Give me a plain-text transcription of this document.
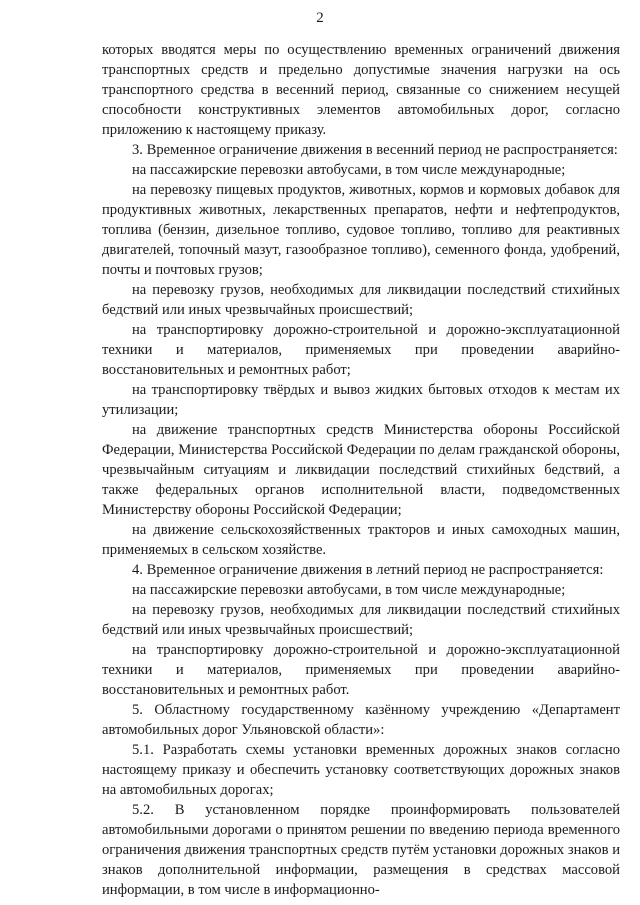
2

которых вводятся меры по осуществлению временных ограничений движения транспортных средств и предельно допустимые значения нагрузки на ось транспортного средства в весенний период, связанные со снижением несущей способности конструктивных элементов автомобильных дорог, согласно приложению к настоящему приказу.

3. Временное ограничение движения в весенний период не распространяется:

на пассажирские перевозки автобусами, в том числе международные;

на перевозку пищевых продуктов, животных, кормов и кормовых добавок для продуктивных животных, лекарственных препаратов, нефти и нефтепродуктов, топлива (бензин, дизельное топливо, судовое топливо, топливо для реактивных двигателей, топочный мазут, газообразное топливо), семенного фонда, удобрений, почты и почтовых грузов;

на перевозку грузов, необходимых для ликвидации последствий стихийных бедствий или иных чрезвычайных происшествий;

на транспортировку дорожно-строительной и дорожно-эксплуатационной техники и материалов, применяемых при проведении аварийно-восстановительных и ремонтных работ;

на транспортировку твёрдых и вывоз жидких бытовых отходов к местам их утилизации;

на движение транспортных средств Министерства обороны Российской Федерации, Министерства Российской Федерации по делам гражданской обороны, чрезвычайным ситуациям и ликвидации последствий стихийных бедствий, а также федеральных органов исполнительной власти, подведомственных Министерству обороны Российской Федерации;

на движение сельскохозяйственных тракторов и иных самоходных машин, применяемых в сельском хозяйстве.

4. Временное ограничение движения в летний период не распространяется:

на пассажирские перевозки автобусами, в том числе международные;

на перевозку грузов, необходимых для ликвидации последствий стихийных бедствий или иных чрезвычайных происшествий;

на транспортировку дорожно-строительной и дорожно-эксплуатационной техники и материалов, применяемых при проведении аварийно-восстановительных и ремонтных работ.

5. Областному государственному казённому учреждению «Департамент автомобильных дорог Ульяновской области»:

5.1. Разработать схемы установки временных дорожных знаков согласно настоящему приказу и обеспечить установку соответствующих дорожных знаков на автомобильных дорогах;

5.2. В установленном порядке проинформировать пользователей автомобильными дорогами о принятом решении по введению периода временного ограничения движения транспортных средств путём установки дорожных знаков и знаков дополнительной информации, размещения в средствах массовой информации, в том числе в информационно-
